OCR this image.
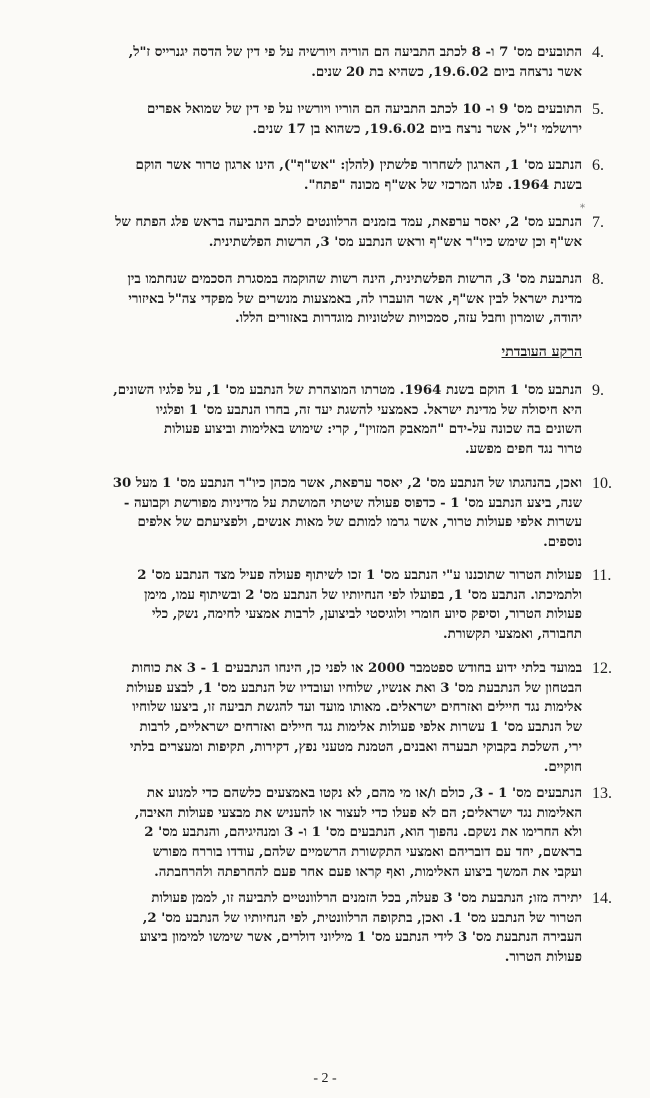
4.
התובעים מס' 7 ו- 8 לכתב התביעה הם הוריה ויורשיה על פי דין של הדסה יגנרייס ז"ל,
אשר נרצחה ביום 19.6.02, כשהיא בת 20 שנים.
5.
התובעים מס' 9 ו- 10 לכתב התביעה הם הוריו ויורשיו על פי דין של שמואל אפרים
ירושלמי ז"ל, אשר נרצח ביום 19.6.02, כשהוא בן 17 שנים.
6.
הנתבע מס' 1, הארגון לשחרור פלשתין (להלן: "אש"ף"), הינו ארגון טרור אשר הוקם
בשנת 1964. פלגו המרכזי של אש"ף מכונה "פתח".
*
7.
הנתבע מס' 2, יאסר ערפאת, עמד בזמנים הרלוונטים לכתב התביעה בראש פלג הפתח של
אש"ף וכן שימש כיו"ר אש"ף וראש הנתבע מס' 3, הרשות הפלשתינית.
8.
הנתבעת מס' 3, הרשות הפלשתינית, הינה רשות שהוקמה במסגרת הסכמים שנחתמו בין
מדינת ישראל לבין אש"ף, אשר הועברו לה, באמצעות מנשרים של מפקדי צה"ל באיזורי
יהודה, שומרון וחבל עזה, סמכויות שלטוניות מוגדרות באזורים הללו.
הרקע העובדתי
9.
הנתבע מס' 1 הוקם בשנת 1964. מטרתו המוצהרת של הנתבע מס' 1, על פלגיו השונים,
היא חיסולה של מדינת ישראל. כאמצעי להשגת יעד זה, בחרו הנתבע מס' 1 ופלגיו
השונים בה שכונה על-ידם "המאבק המזוין", קרי: שימוש באלימות וביצוע פעולות
טרור נגד חפים מפשע.
10.
ואכן, בהנהגתו של הנתבע מס' 2, יאסר ערפאת, אשר מכהן כיו"ר הנתבע מס' 1 מעל 30
שנה, ביצע הנתבע מס' 1 - כדפוס פעולה שיטתי המושתת על מדיניות מפורשת וקבועה -
עשרות אלפי פעולות טרור, אשר גרמו למותם של מאות אנשים, ולפציעתם של אלפים
נוספים.
11.
פעולות הטרור שתוכננו ע"י הנתבע מס' 1 זכו לשיתוף פעולה פעיל מצד הנתבע מס' 2
ולתמיכתו. הנתבע מס' 1, בפועלו לפי הנחיותיו של הנתבע מס' 2 ובשיתוף עמו, מימן
פעולות הטרור, וסיפק סיוע חומרי ולוגיסטי לביצוען, לרבות אמצעי לחימה, נשק, כלי
תחבורה, ואמצעי תקשורת.
12.
במועד בלתי ידוע בחודש ספטמבר 2000 או לפני כן, הינחו הנתבעים 1 - 3 את כוחות
הבטחון של הנתבעת מס' 3 ואת אנשיו, שלוחיו ועובדיו של הנתבע מס' 1, לבצע פעולות
אלימות נגד חיילים ואזרחים ישראלים. מאותו מועד ועד להגשת תביעה זו, ביצעו שלוחיו
של הנתבע מס' 1 עשרות אלפי פעולות אלימות נגד חיילים ואזרחים ישראליים, לרבות
ירי, השלכת בקבוקי תבערה ואבנים, הטמנת מטעני נפץ, דקירות, תקיפות ומעצרים בלתי
חוקיים.
13.
הנתבעים מס' 1 - 3, כולם ו/או מי מהם, לא נקטו באמצעים כלשהם כדי למנוע את
האלימות נגד ישראלים; הם לא פעלו כדי לעצור או להעניש את מבצעי פעולות האיבה,
ולא החרימו את נשקם. נהפוך הוא, הנתבעים מס' 1 ו- 3 ומנהיגיהם, והנתבע מס' 2
בראשם, יחד עם דובריהם ואמצעי התקשורת הרשמיים שלהם, עודדו בוררח מפורש
ועקבי את המשך ביצוע האלימות, ואף קראו פעם אחר פעם להחרפתה ולהרחבתה.
14.
יתירה מזו; הנתבעת מס' 3 פעלה, בכל הזמנים הרלוונטיים לתביעה זו, לממן פעולות
הטרור של הנתבע מס' 1. ואכן, בתקופה הרלוונטית, לפי הנחיותיו של הנתבע מס' 2,
העבירה הנתבעת מס' 3 לידי הנתבע מס' 1 מיליוני דולרים, אשר שימשו למימון ביצוע
פעולות הטרור.
- 2 -
